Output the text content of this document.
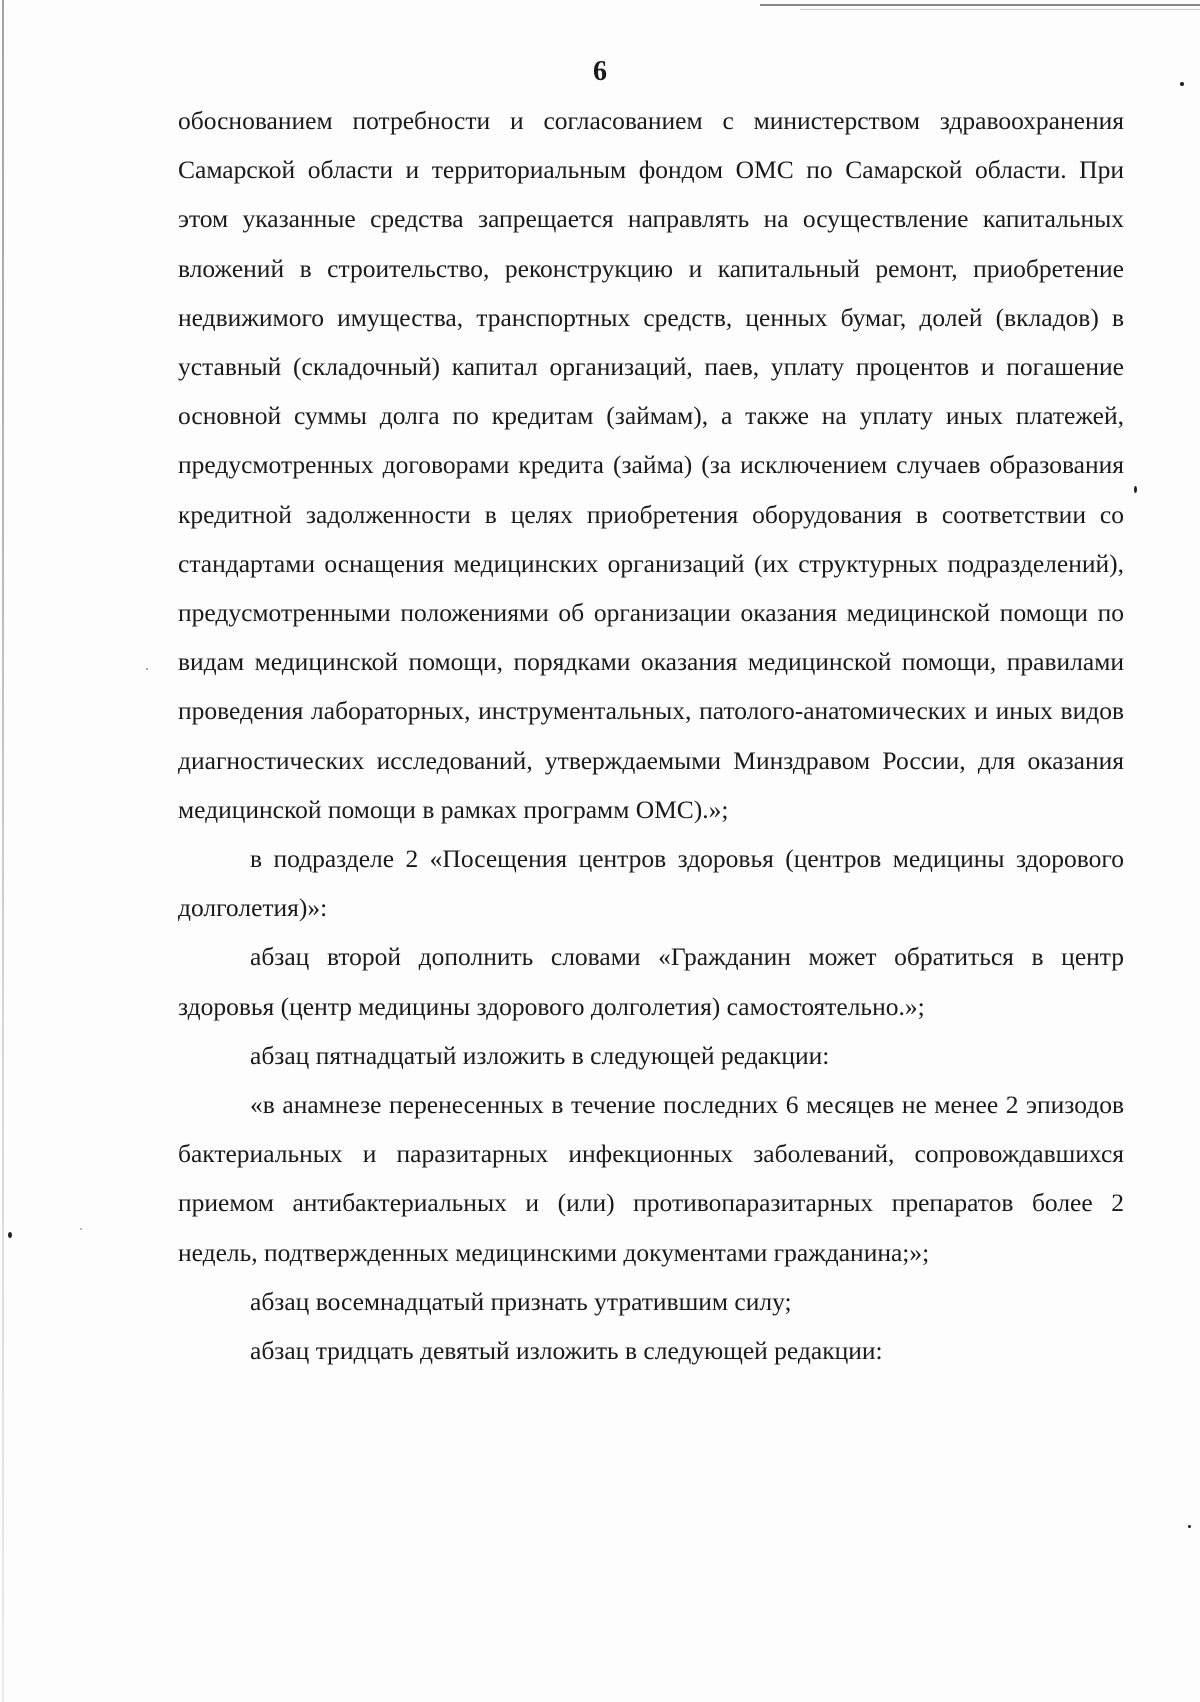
6

обоснованием потребности и согласованием с министерством здравоохранения Самарской области и территориальным фондом ОМС по Самарской области. При этом указанные средства запрещается направлять на осуществление капитальных вложений в строительство, реконструкцию и капитальный ремонт, приобретение недвижимого имущества, транспортных средств, ценных бумаг, долей (вкладов) в уставный (складочный) капитал организаций, паев, уплату процентов и погашение основной суммы долга по кредитам (займам), а также на уплату иных платежей, предусмотренных договорами кредита (займа) (за исключением случаев образования кредитной задолженности в целях приобретения оборудования в соответствии со стандартами оснащения медицинских организаций (их структурных подразделений), предусмотренными положениями об организации оказания медицинской помощи по видам медицинской помощи, порядками оказания медицинской помощи, правилами проведения лабораторных, инструментальных, патолого-анатомических и иных видов диагностических исследований, утверждаемыми Минздравом России, для оказания медицинской помощи в рамках программ ОМС).»;

в подразделе 2 «Посещения центров здоровья (центров медицины здорового долголетия)»:

абзац второй дополнить словами «Гражданин может обратиться в центр здоровья (центр медицины здорового долголетия) самостоятельно.»;

абзац пятнадцатый изложить в следующей редакции:

«в анамнезе перенесенных в течение последних 6 месяцев не менее 2 эпизодов бактериальных и паразитарных инфекционных заболеваний, сопровождавшихся приемом антибактериальных и (или) противопаразитарных препаратов более 2 недель, подтвержденных медицинскими документами гражданина;»;

абзац восемнадцатый признать утратившим силу;

абзац тридцать девятый изложить в следующей редакции:
